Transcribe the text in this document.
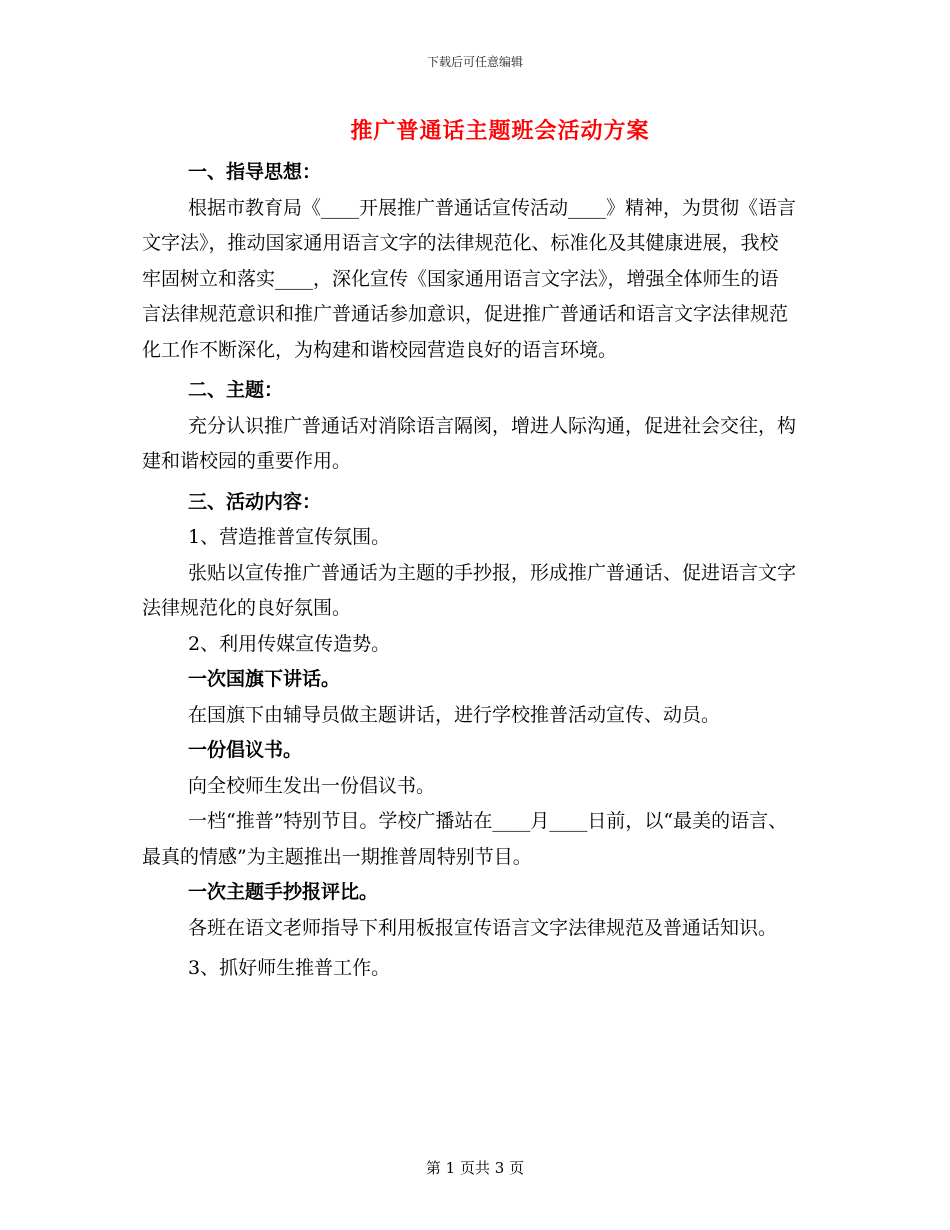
下载后可任意编辑
推广普通话主题班会活动方案

一、指导思想：

根据市教育局《____开展推广普通话宣传活动____》精神，为贯彻《语言文字法》，推动国家通用语言文字的法律规范化、标准化及其健康进展，我校牢固树立和落实____，深化宣传《国家通用语言文字法》，增强全体师生的语言法律规范意识和推广普通话参加意识，促进推广普通话和语言文字法律规范化工作不断深化，为构建和谐校园营造良好的语言环境。

二、主题：

充分认识推广普通话对消除语言隔阂，增进人际沟通，促进社会交往，构建和谐校园的重要作用。

三、活动内容：

1、营造推普宣传氛围。

张贴以宣传推广普通话为主题的手抄报，形成推广普通话、促进语言文字法律规范化的良好氛围。

2、利用传媒宣传造势。

一次国旗下讲话。

在国旗下由辅导员做主题讲话，进行学校推普活动宣传、动员。

一份倡议书。

向全校师生发出一份倡议书。

一档“推普”特别节目。学校广播站在____月____日前，以“最美的语言、最真的情感”为主题推出一期推普周特别节目。

一次主题手抄报评比。

各班在语文老师指导下利用板报宣传语言文字法律规范及普通话知识。

3、抓好师生推普工作。

第 1 页共 3 页
